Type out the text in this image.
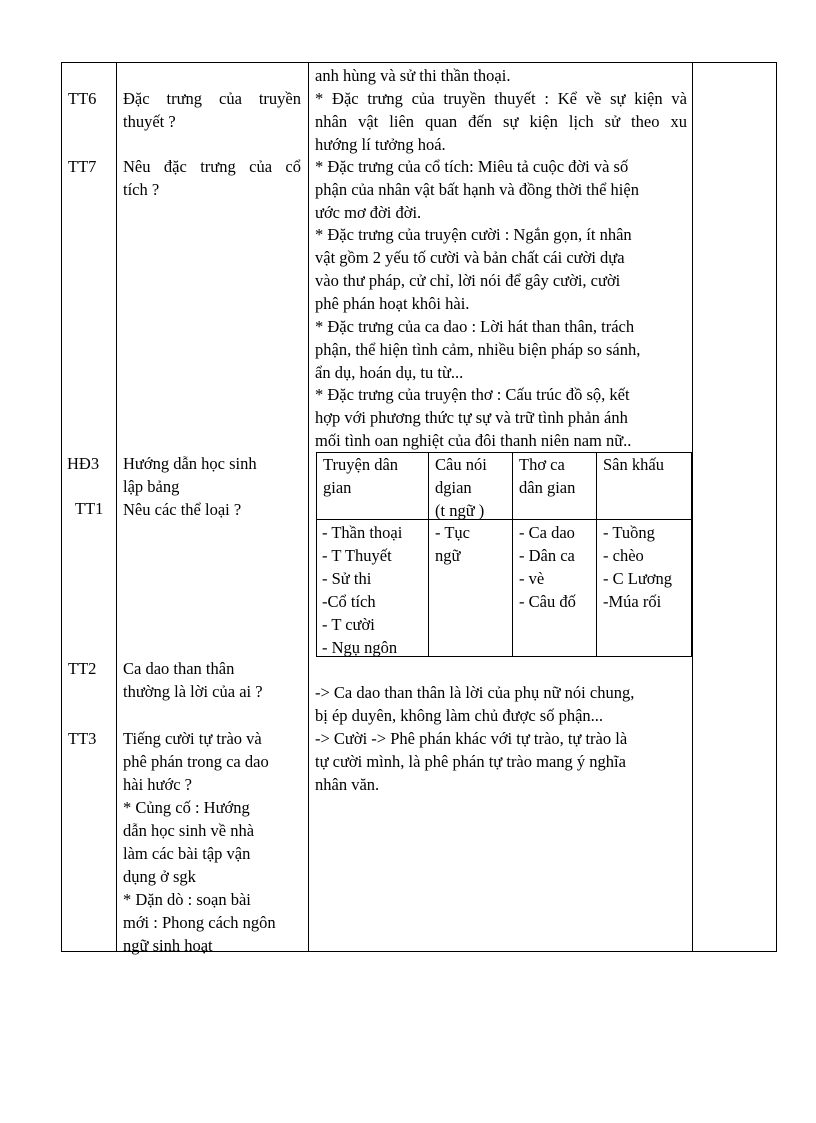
TT6

TT7

HĐ3

TT1

TT2

TT3

Đặc trưng của truyền
thuyết ?
Nêu đặc trưng của cổ
tích ?
Hướng dẫn học sinh
lập bảng
Nêu các thể loại ?
Ca dao than thân
thường là lời của ai ?
Tiếng cười tự trào và
phê phán trong ca dao
hài hước ?
* Củng cố : Hướng
dẫn học sinh về nhà
làm các bài tập vận
dụng ở sgk
* Dặn dò : soạn bài
mới : Phong cách ngôn
ngữ sinh hoạt
anh hùng và sử thi thần thoại.
* Đặc trưng của truyền thuyết : Kể về sự kiện và
nhân vật liên quan đến sự kiện lịch sử theo xu
hướng lí tưởng hoá.
* Đặc trưng của cổ tích: Miêu tả cuộc đời và số
phận của nhân vật bất hạnh và đồng thời thể hiện
ước mơ đời đời.
* Đặc trưng của truyện cười : Ngắn gọn, ít nhân
vật gồm 2 yếu tố cười và bản chất cái cười dựa
vào thư pháp, cử chỉ, lời nói để gây cười, cười
phê phán hoạt khôi hài.
* Đặc trưng của ca dao : Lời hát than thân, trách
phận, thể hiện tình cảm, nhiều biện pháp so sánh,
ẩn dụ, hoán dụ, tu từ...
* Đặc trưng của truyện thơ : Cấu trúc đồ sộ, kết
hợp với phương thức tự sự và trữ tình phản ánh
mối tình oan nghiệt của đôi thanh niên nam nữ..
Truyện dân
gian
Câu nói
dgian
(t ngữ )
Thơ ca
dân gian
Sân khấu
- Thần thoại
- T Thuyết
- Sử thi
-Cổ tích
- T cười
- Ngụ ngôn
- Tục
ngữ
- Ca dao
- Dân ca
- vè
- Câu đố
- Tuồng
- chèo
- C Lương
-Múa rối
-> Ca dao than thân là lời của phụ nữ nói chung,
bị ép duyên, không làm chủ được số phận...
-> Cười -> Phê phán khác với tự trào, tự trào là
tự cười mình, là phê phán tự trào mang ý nghĩa
nhân văn.
